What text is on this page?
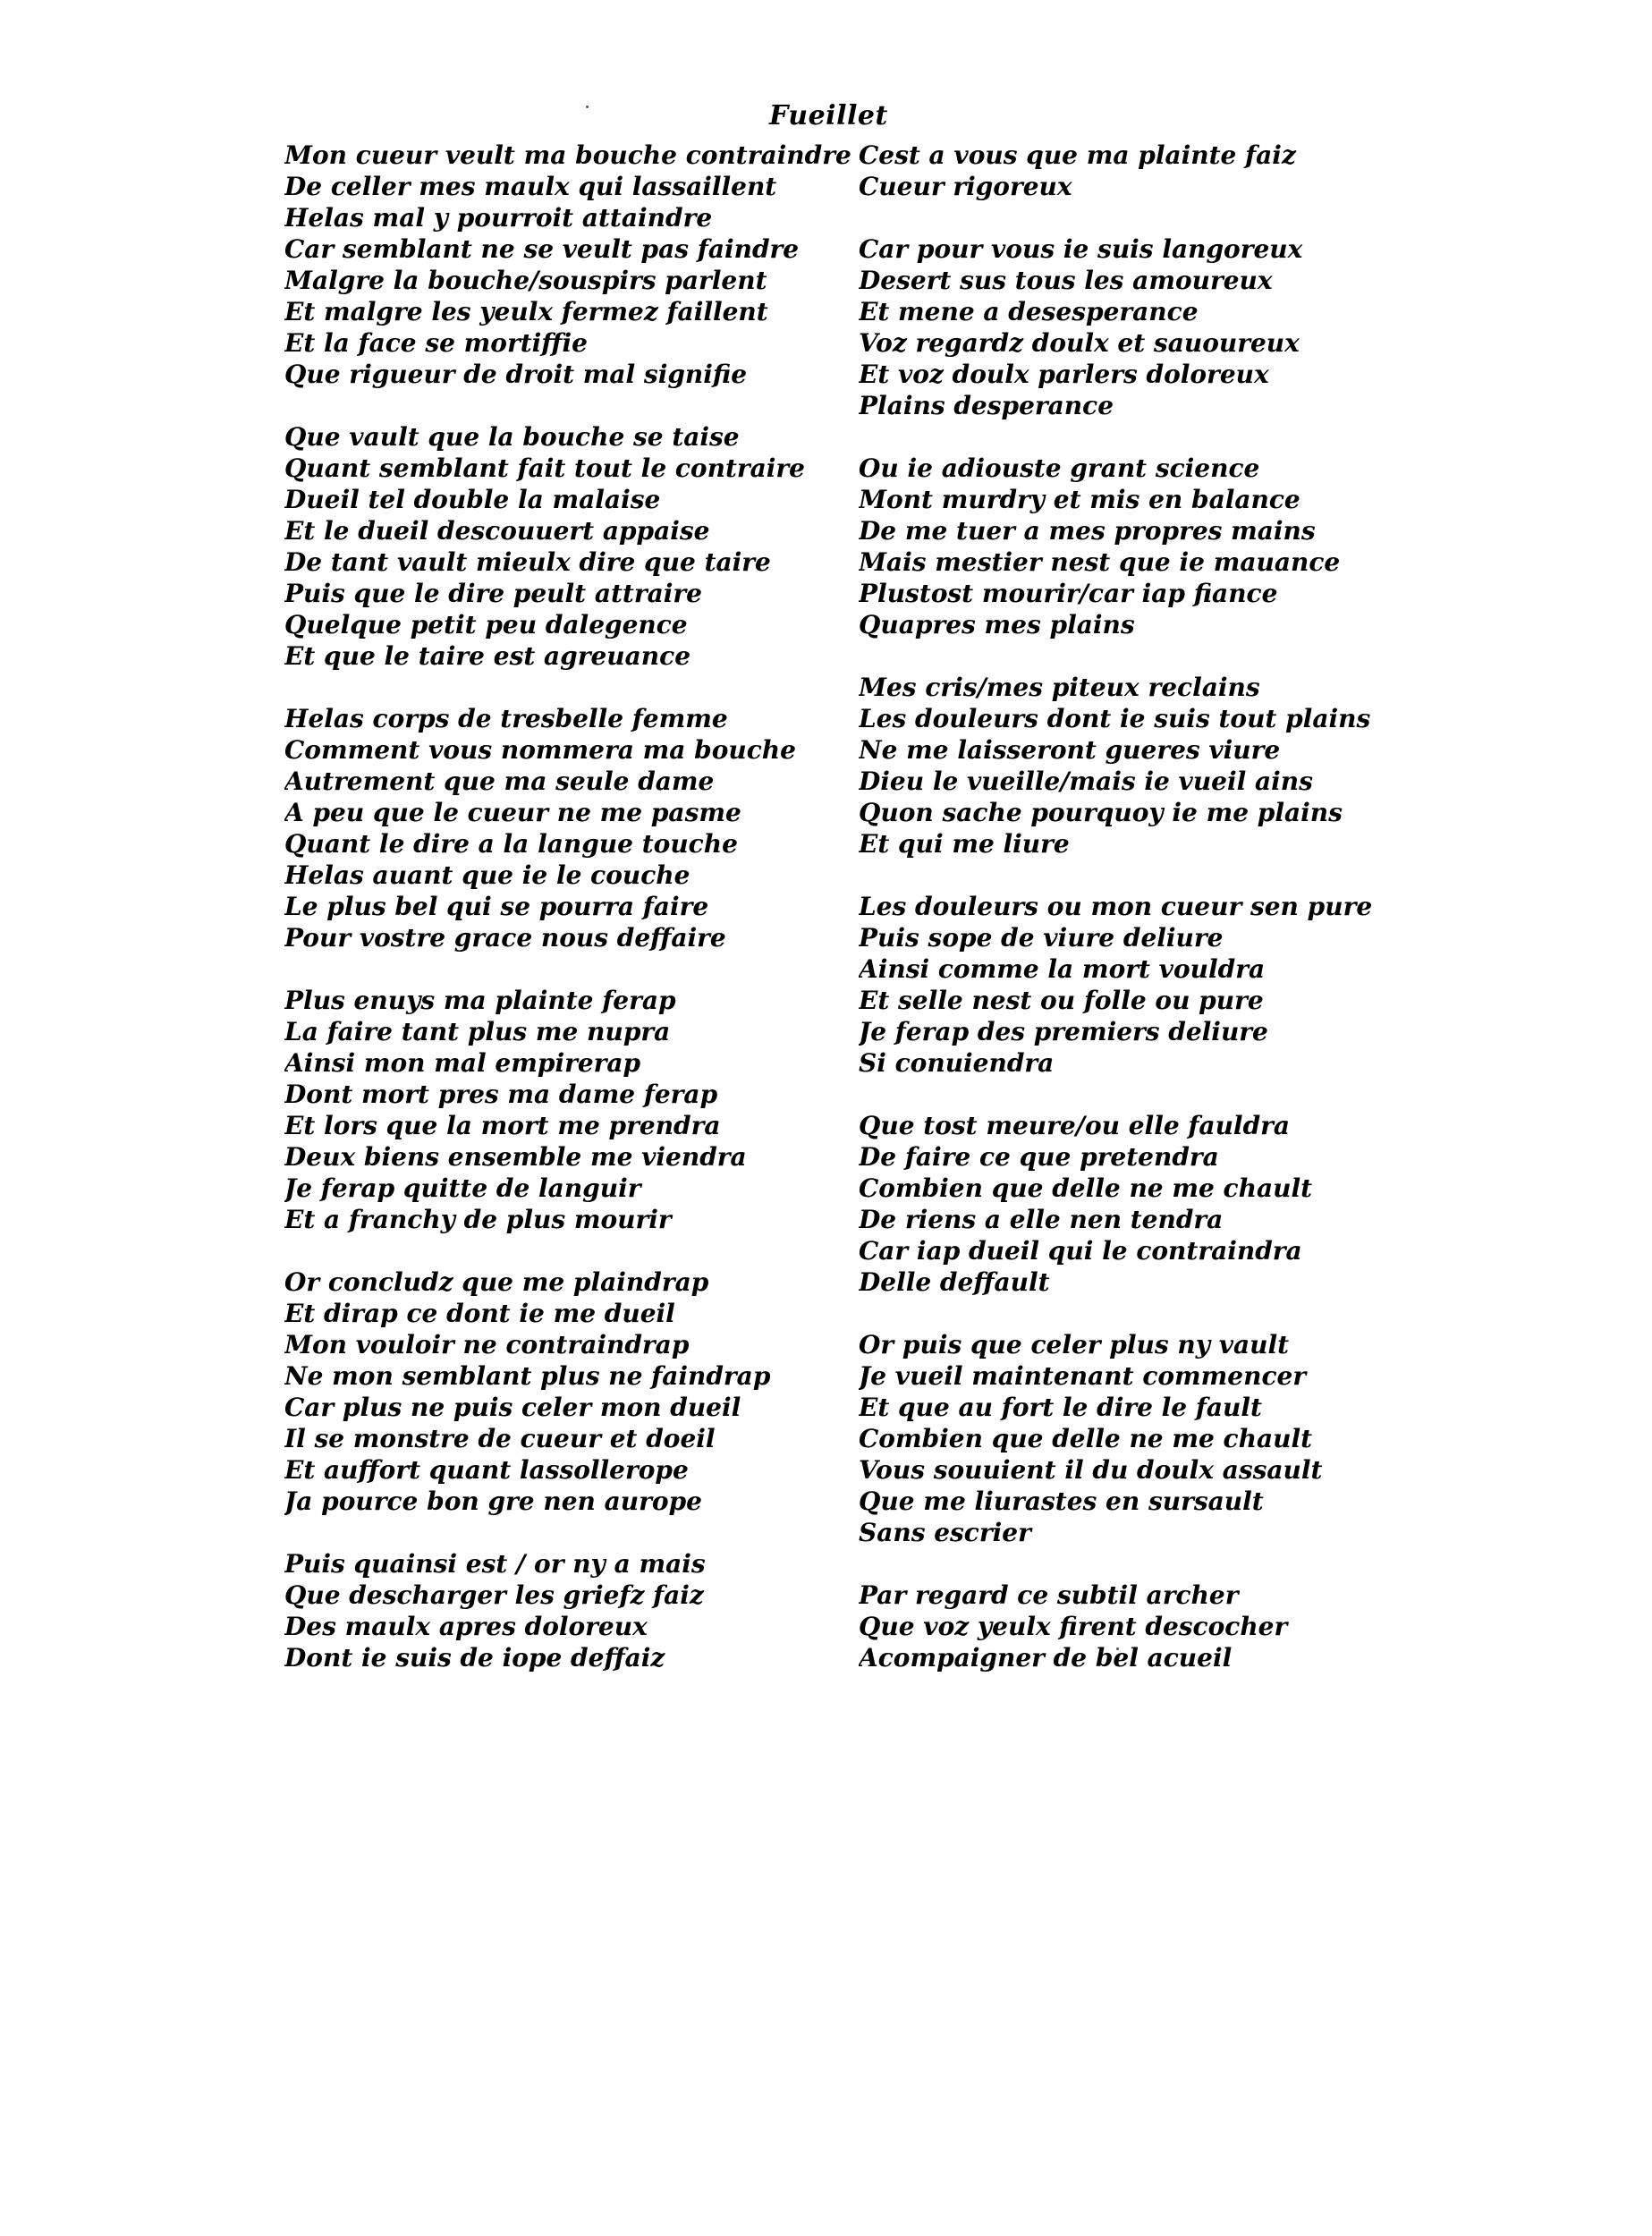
Fueillet
Mon cueur veult ma bouche contraindre
De celler mes maulx qui lassaillent
Helas mal y pourroit attaindre
Car semblant ne se veult pas faindre
Malgre la bouche/souspirs parlent
Et malgre les yeulx fermez faillent
Et la face se mortiffie
Que rigueur de droit mal signifie
Que vault que la bouche se taise
Quant semblant fait tout le contraire
Dueil tel double la malaise
Et le dueil descouuert appaise
De tant vault mieulx dire que taire
Puis que le dire peult attraire
Quelque petit peu dalegence
Et que le taire est agreuance
Helas corps de tresbelle femme
Comment vous nommera ma bouche
Autrement que ma seule dame
A peu que le cueur ne me pasme
Quant le dire a la langue touche
Helas auant que ie le couche
Le plus bel qui se pourra faire
Pour vostre grace nous deffaire
Plus enuys ma plainte ferap
La faire tant plus me nupra
Ainsi mon mal empirerap
Dont mort pres ma dame ferap
Et lors que la mort me prendra
Deux biens ensemble me viendra
Je ferap quitte de languir
Et a franchy de plus mourir
Or concludz que me plaindrap
Et dirap ce dont ie me dueil
Mon vouloir ne contraindrap
Ne mon semblant plus ne faindrap
Car plus ne puis celer mon dueil
Il se monstre de cueur et doeil
Et auffort quant lassollerope
Ja pource bon gre nen aurope
Puis quainsi est / or ny a mais
Que descharger les griefz faiz
Des maulx apres doloreux
Dont ie suis de iope deffaiz
Cest a vous que ma plainte faiz
Cueur rigoreux
Car pour vous ie suis langoreux
Desert sus tous les amoureux
Et mene a desesperance
Voz regardz doulx et sauoureux
Et voz doulx parlers doloreux
Plains desperance
Ou ie adiouste grant science
Mont murdry et mis en balance
De me tuer a mes propres mains
Mais mestier nest que ie mauance
Plustost mourir/car iap fiance
Quapres mes plains
Mes cris/mes piteux reclains
Les douleurs dont ie suis tout plains
Ne me laisseront gueres viure
Dieu le vueille/mais ie vueil ains
Quon sache pourquoy ie me plains
Et qui me liure
Les douleurs ou mon cueur sen pure
Puis sope de viure deliure
Ainsi comme la mort vouldra
Et selle nest ou folle ou pure
Je ferap des premiers deliure
Si conuiendra
Que tost meure/ou elle fauldra
De faire ce que pretendra
Combien que delle ne me chault
De riens a elle nen tendra
Car iap dueil qui le contraindra
Delle deffault
Or puis que celer plus ny vault
Je vueil maintenant commencer
Et que au fort le dire le fault
Combien que delle ne me chault
Vous souuient il du doulx assault
Que me liurastes en sursault
Sans escrier
Par regard ce subtil archer
Que voz yeulx firent descocher
Acompaigner de bel acueil
